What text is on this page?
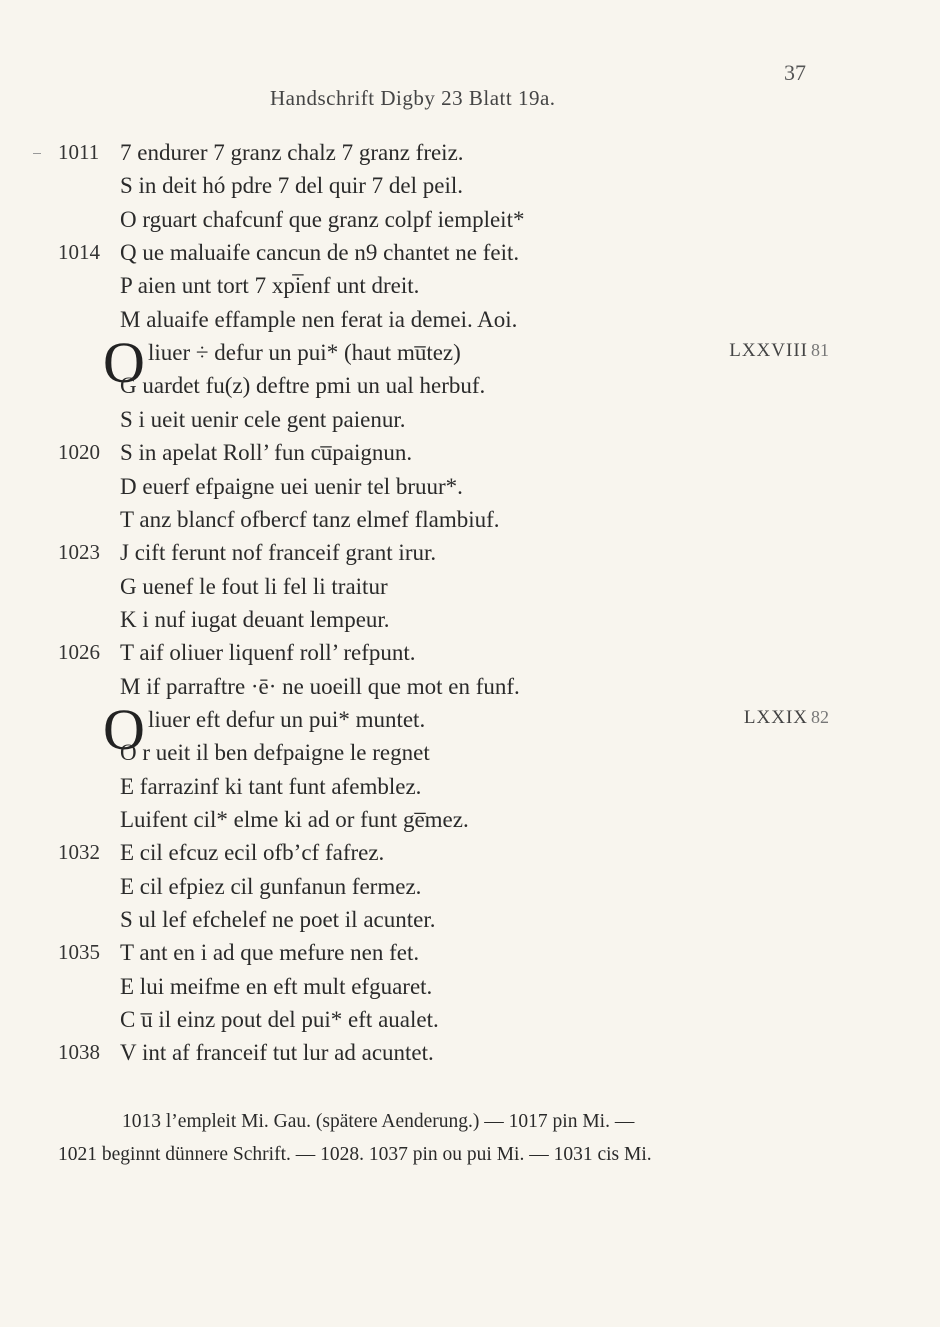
37
Handschrift Digby 23 Blatt 19a.
1011 7 endurer 7 granz chalz 7 granz freiz.
S in deit hó pdre 7 del quir 7 del peil.
O rguart chafcunf que granz colpf iempleit*
1014 Q ue maluaife cancun de n9 chantet ne feit.
P aien unt tort 7 xpi̅enf unt dreit.
M aluaife effample nen ferat ia demei. Aoi.
liuer ÷ defur un pui* (haut mu̅tez)
O	LXXVIII 81
G uardet fu(z) deftre pmi un ual herbuf.
S i ueit uenir cele gent paienur.
1020 S in apelat Roll’ fun cu̅paignun.
D euerf efpaigne uei uenir tel bruur*.
T anz blancf ofbercf tanz elmef flambiuf.
1023 J cift ferunt nof franceif grant irur.
G uenef le fout li fel li traitur
K i nuf iugat deuant lempeur.
1026 T aif oliuer liquenf roll’ refpunt.
M if parraftre ·ē· ne uoeill que mot en funf.
liuer eft defur un pui* muntet.
O	LXXIX 82
O r ueit il ben defpaigne le regnet
E farrazinf ki tant funt afemblez.
Luifent cil* elme ki ad or funt ge̅mez.
1032 E cil efcuz ecil ofb’cf fafrez.
E cil efpiez cil gunfanun fermez.
S ul lef efchelef ne poet il acunter.
1035 T ant en i ad que mefure nen fet.
E lui meifme en eft mult efguaret.
C u̅ il einz pout del pui* eft aualet.
1038 V int af franceif tut lur ad acuntet.
1013 l’empleit Mi. Gau. (spätere Aenderung.) — 1017 pin Mi. —
1021 beginnt dünnere Schrift. — 1028. 1037 pin ou pui Mi. — 1031 cis Mi.
